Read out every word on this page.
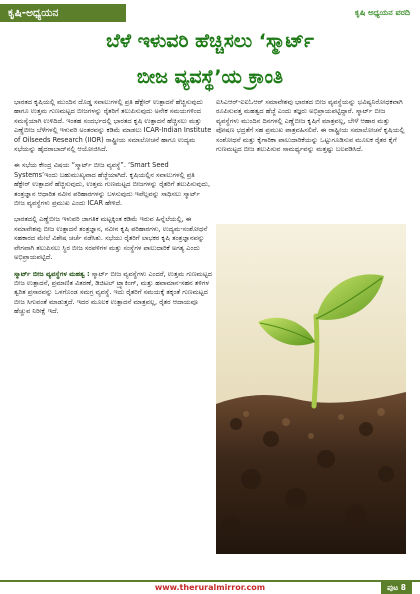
ಕೃಷಿ-ಅಧ್ಯಯನ	ಕೃಷಿ ಅಧ್ಯಯನ ವರದಿ
ಬೆಳೆ ಇಳುವರಿ ಹೆಚ್ಚಿಸಲು ‘ಸ್ಮಾರ್ಟ್
ಬೀಜ ವ್ಯವಸ್ಥೆ’ಯ ಕ್ರಾಂತಿ

ಭಾರತದ ಕೃಷಿಯಲ್ಲಿ ಮುಂದಿನ ದೊಡ್ಡ ಸವಾಲುಗಳಲ್ಲಿ ಪ್ರತಿ ಹೆಕ್ಟೇರ್ ಉತ್ಪಾದನೆ ಹೆಚ್ಚಿಸುವುದು ಹಾಗೂ ಉತ್ತಮ ಗುಣಮಟ್ಟದ ಬೀಜಗಳನ್ನು ರೈತರಿಗೆ ತಲುಪಿಸುವುದು ಅನೇಕ ಸಮಯಗಳಿಂದ ಸಮಸ್ಯೆಯಾಗಿ ಉಳಿದಿದೆ. ಇಂತಹ ಸಂದರ್ಭದಲ್ಲಿ ಭಾರತದ ಕೃಷಿ ಉತ್ಪಾದನೆ ಹೆಚ್ಚಿಸಲು ಮತ್ತು ಎಣ್ಣೆಬೀಜ ಬೆಳೆಗಳಲ್ಲಿ ಇಳುವರಿ ಅಂತರವನ್ನು ಕಡಿಮೆ ಮಾಡಲು ICAR-Indian Institute of Oilseeds Research (IIOR) ರಾಷ್ಟ್ರೀಯ ಸಮಾಲೋಚನೆ ಹಾಗೂ ಉದ್ಯಮ ಸಭೆಯನ್ನು ಹೈದರಾಬಾದ್‌ನಲ್ಲಿ ಆಯೋಜಿಸಿದೆ.

ಈ ಸಭೆಯ ಕೇಂದ್ರ ವಿಷಯ “ಸ್ಮಾರ್ಟ್ ಬೀಜ ವ್ಯವಸ್ಥೆ”. ‘Smart Seed Systems’ಇಂದು ಬಹುಮುಖ್ಯವಾದ ಹೆಜ್ಜೆಯಾಗಿದೆ. ಕೃಷಿಯಲ್ಲಿನ ಸವಾಲುಗಳಲ್ಲಿ ಪ್ರತಿ ಹೆಕ್ಟೇರ್ ಉತ್ಪಾದನೆ ಹೆಚ್ಚಿಸುವುದು, ಉತ್ತಮ ಗುಣಮಟ್ಟದ ಬೀಜಗಳನ್ನು ರೈತರಿಗೆ ತಲುಪಿಸುವುದು, ತಂತ್ರಜ್ಞಾನ ಆಧಾರಿತ ನವೀನ ಪರಿಹಾರಗಳನ್ನು ಬಳಸುವುದು ಇವೆಲ್ಲವನ್ನು ಸಾಧಿಸಲು ಸ್ಮಾರ್ಟ್ ಬೀಜ ವ್ಯವಸ್ಥೆಗಳು ಪ್ರಮುಖ ಎಂದು ICAR ಹೇಳಿದೆ.

ಭಾರತದಲ್ಲಿ ಎಣ್ಣೆಬೀಜ ಇಳುವರಿ ಜಾಗತಿಕ ಮಟ್ಟಕ್ಕಿಂತ ಕಡಿಮೆ ಇರುವ ಹಿನ್ನೆಲೆಯಲ್ಲಿ, ಈ ಸಮಾವೇಶವು ಬೀಜ ಉತ್ಪಾದನೆ ತಂತ್ರಜ್ಞಾನ, ನವೀನ ಕೃಷಿ ಪರಿಹಾರಗಳು, ಉದ್ಯಮ-ಸಂಶೋಧನೆ ಸಹಕಾರದ ಮೇಲೆ ವಿಶೇಷ ಚರ್ಚೆ ನಡೆಸಿತು. ಸಭೆಯು ರೈತರಿಗೆ ಲಾಭಕರ ಕೃಷಿ ತಂತ್ರಜ್ಞಾನವನ್ನು ವೇಗವಾಗಿ ತಲುಪಿಸಲು ಸ್ಥಿರ ಬೀಜ ಸರಪಳಿಗಳ ಮತ್ತು ಸಂಸ್ಥೆಗಳ ಪಾಲುದಾರಿಕೆ ಅಗತ್ಯ ಎಂದು ಅಭಿಪ್ರಾಯಪಟ್ಟಿದೆ.

ಸ್ಮಾರ್ಟ್ ಬೀಜ ವ್ಯವಸ್ಥೆಗಳ ಮಹತ್ವ : ಸ್ಮಾರ್ಟ್ ಬೀಜ ವ್ಯವಸ್ಥೆಗಳು ಎಂದರೆ, ಉತ್ತಮ ಗುಣಮಟ್ಟದ ಬೀಜ ಉತ್ಪಾದನೆ, ಪ್ರಮಾಣಿತ ವಿತರಣೆ, ಡಿಜಿಟಲ್ ಟ್ರ್ಯಾಕಿಂಗ್, ಮತ್ತು ಹವಾಮಾನ-ಸಹನ ತಳಿಗಳ ತ್ವರಿತ ಪ್ರಸಾರವನ್ನು ಒಳಗೊಂಡ ಸಮಗ್ರ ವ್ಯವಸ್ಥೆ. ಇದು ರೈತರಿಗೆ ಸಮಯಕ್ಕೆ ತಕ್ಕಂತೆ ಗುಣಮಟ್ಟದ ಬೀಜ ಸಿಗುವಂತೆ ಮಾಡುತ್ತದೆ. ಇದರ ಮೂಲಕ ಉತ್ಪಾದನೆ ಮಾತ್ರವಲ್ಲ, ರೈತರ ಆದಾಯವೂ ಹೆಚ್ಚುವ ನಿರೀಕ್ಷೆ ಇದೆ.

ಐಸಿಎಆರ್-ಐಐಓಆರ್ ಸಮಾವೇಶವು ಭಾರತದ ಬೀಜ ವ್ಯವಸ್ಥೆಯನ್ನು ಭವಿಷ್ಯನಿರೋಧಕವಾಗಿ ರೂಪಿಸುವತ್ತ ಮಹತ್ವದ ಹೆಜ್ಜೆ ಎಂದು ತಜ್ಞರು ಅಭಿಪ್ರಾಯಪಟ್ಟಿದ್ದಾರೆ. ಸ್ಮಾರ್ಟ್ ಬೀಜ ವ್ಯವಸ್ಥೆಗಳು ಮುಂದಿನ ದಿನಗಳಲ್ಲಿ ಎಣ್ಣೆಬೀಜ ಕೃಷಿಗೆ ಮಾತ್ರವಲ್ಲ, ಬೇಳೆ ಆಹಾರ ಮತ್ತು ಪೋಷಣ ಭದ್ರತೆಗೆ ಸಹ ಪ್ರಮುಖ ಪಾತ್ರವಹಿಸಲಿವೆ. ಈ ರಾಷ್ಟ್ರೀಯ ಸಮಾಲೋಚನೆ ಕೃಷಿಯಲ್ಲಿ ಸಂಶೋಧನೆ ಮತ್ತು ಕೈಗಾರಿಕಾ ಪಾಲುದಾರಿಕೆಯನ್ನು ಒಟ್ಟುಗೂಡಿಸುವ ಮೂಲಕ ರೈತರ ಕೈಗೆ ಗುಣಮಟ್ಟದ ಬೀಜ ತಲುಪಿಸುವ ಸಾಮರ್ಥ್ಯವನ್ನು ಮತ್ತಷ್ಟು ಬಲಪಡಿಸಿದೆ.

www.theruralmirror.com	ಪುಟ 8
